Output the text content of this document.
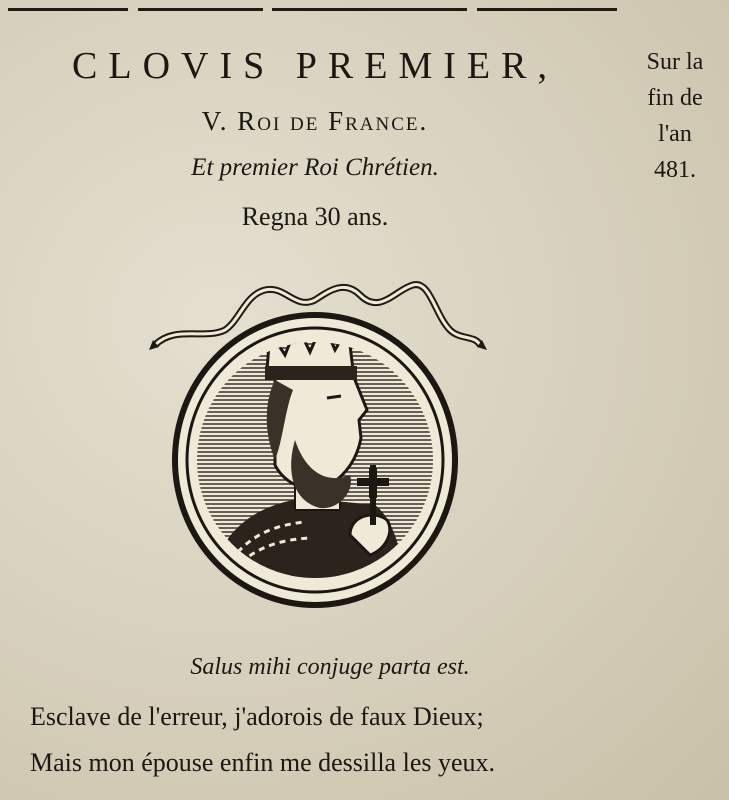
CLOVIS PREMIER,
V. Roi de France.
Et premier Roi Chrétien.
Regna 30 ans.
Sur la
fin de
l'an
481.
Salus mihi conjuge parta est.
Esclave de l'erreur, j'adorois de faux Dieux;
Mais mon épouse enfin me dessilla les yeux.
